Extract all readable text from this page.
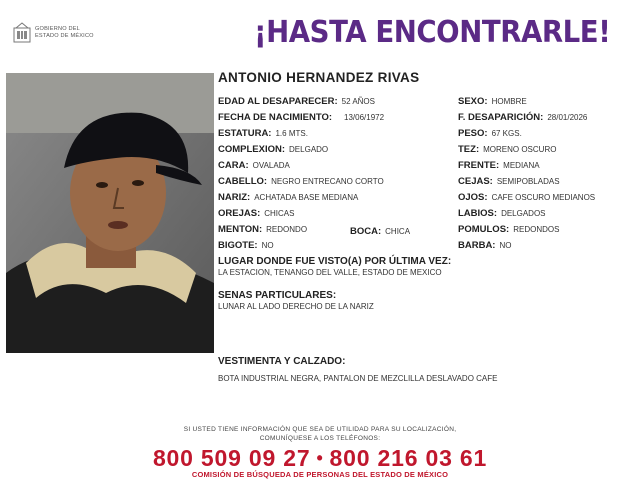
GOBIERNO DEL
ESTADO DE MÉXICO	¡HASTA ENCONTRARLE!
ANTONIO HERNANDEZ RIVAS
EDAD AL DESAPARECER: 52 AÑOS
FECHA DE NACIMIENTO: 13/06/1972
ESTATURA: 1.6 MTS.
COMPLEXION: DELGADO
CARA: OVALADA
CABELLO: NEGRO ENTRECANO CORTO
NARIZ: ACHATADA BASE MEDIANA
OREJAS: CHICAS
MENTON: REDONDO	BOCA: CHICA
BIGOTE: NO
SEXO: HOMBRE
F. DESAPARICIÓN: 28/01/2026
PESO: 67 KGS.
TEZ: MORENO OSCURO
FRENTE: MEDIANA
CEJAS: SEMIPOBLADAS
OJOS: CAFE OSCURO MEDIANOS
LABIOS: DELGADOS
POMULOS: REDONDOS
BARBA: NO
LUGAR DONDE FUE VISTO(A) POR ÚLTIMA VEZ:
LA ESTACION, TENANGO DEL VALLE, ESTADO DE MEXICO
SENAS PARTICULARES:
LUNAR AL LADO DERECHO DE LA NARIZ
VESTIMENTA Y CALZADO:
BOTA INDUSTRIAL NEGRA, PANTALON DE MEZCLILLA DESLAVADO CAFE
SI USTED TIENE INFORMACIÓN QUE SEA DE UTILIDAD PARA SU LOCALIZACIÓN,
COMUNÍQUESE A LOS TELÉFONOS:
800 509 09 27 • 800 216 03 61
COMISIÓN DE BÚSQUEDA DE PERSONAS DEL ESTADO DE MÉXICO
